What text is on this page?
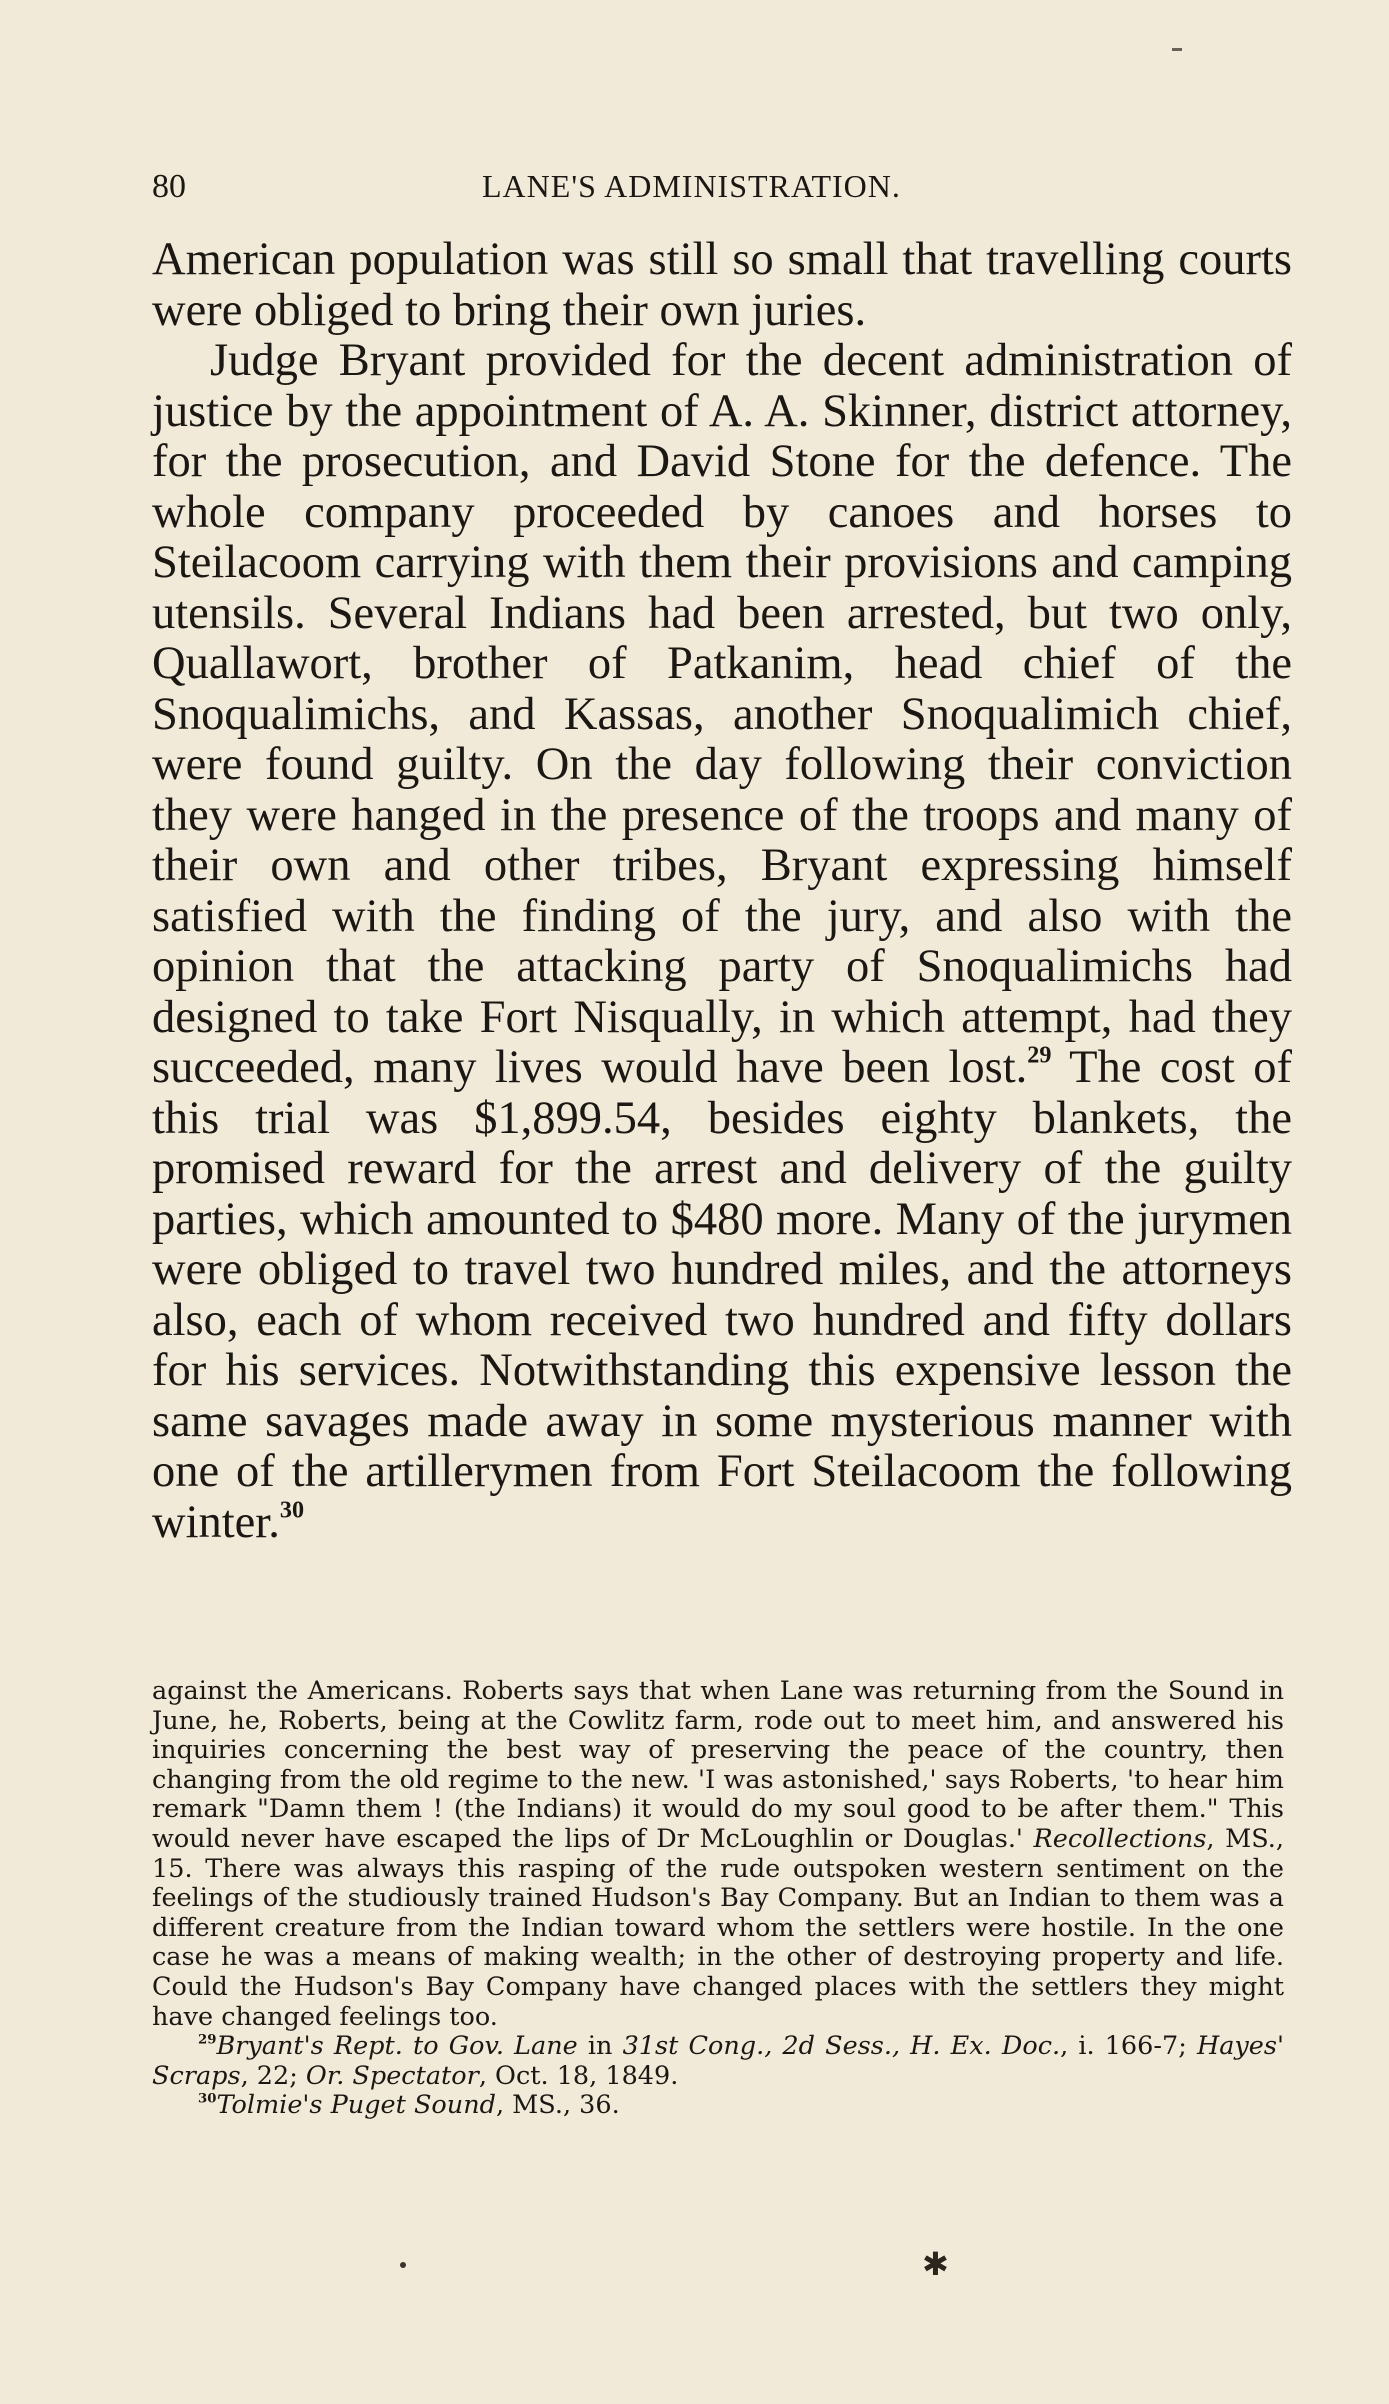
80	LANE'S ADMINISTRATION.

American population was still so small that travelling courts were obliged to bring their own juries.

Judge Bryant provided for the decent administration of justice by the appointment of A. A. Skinner, district attorney, for the prosecution, and David Stone for the defence. The whole company proceeded by canoes and horses to Steilacoom carrying with them their provisions and camping utensils. Several Indians had been arrested, but two only, Quallawort, brother of Patkanim, head chief of the Snoqualimichs, and Kassas, another Snoqualimich chief, were found guilty. On the day following their conviction they were hanged in the presence of the troops and many of their own and other tribes, Bryant expressing himself satisfied with the finding of the jury, and also with the opinion that the attacking party of Snoqualimichs had designed to take Fort Nisqually, in which attempt, had they succeeded, many lives would have been lost.$^{29}$ The cost of this trial was $1,899.54, besides eighty blankets, the promised reward for the arrest and delivery of the guilty parties, which amounted to $480 more. Many of the jurymen were obliged to travel two hundred miles, and the attorneys also, each of whom received two hundred and fifty dollars for his services. Notwithstanding this expensive lesson the same savages made away in some mysterious manner with one of the artillerymen from Fort Steilacoom the following winter.$^{30}$

against the Americans. Roberts says that when Lane was returning from the Sound in June, he, Roberts, being at the Cowlitz farm, rode out to meet him, and answered his inquiries concerning the best way of preserving the peace of the country, then changing from the old regime to the new. 'I was astonished,' says Roberts, 'to hear him remark "Damn them ! (the Indians) it would do my soul good to be after them." This would never have escaped the lips of Dr McLoughlin or Douglas.' Recollections, MS., 15. There was always this rasping of the rude outspoken western sentiment on the feelings of the studiously trained Hudson's Bay Company. But an Indian to them was a different creature from the Indian toward whom the settlers were hostile. In the one case he was a means of making wealth; in the other of destroying property and life. Could the Hudson's Bay Company have changed places with the settlers they might have changed feelings too.

$^{29}$Bryant's Rept. to Gov. Lane in 31st Cong., 2d Sess., H. Ex. Doc., i. 166-7; Hayes' Scraps, 22; Or. Spectator, Oct. 18, 1849.

$^{30}$Tolmie's Puget Sound, MS., 36.

✱
